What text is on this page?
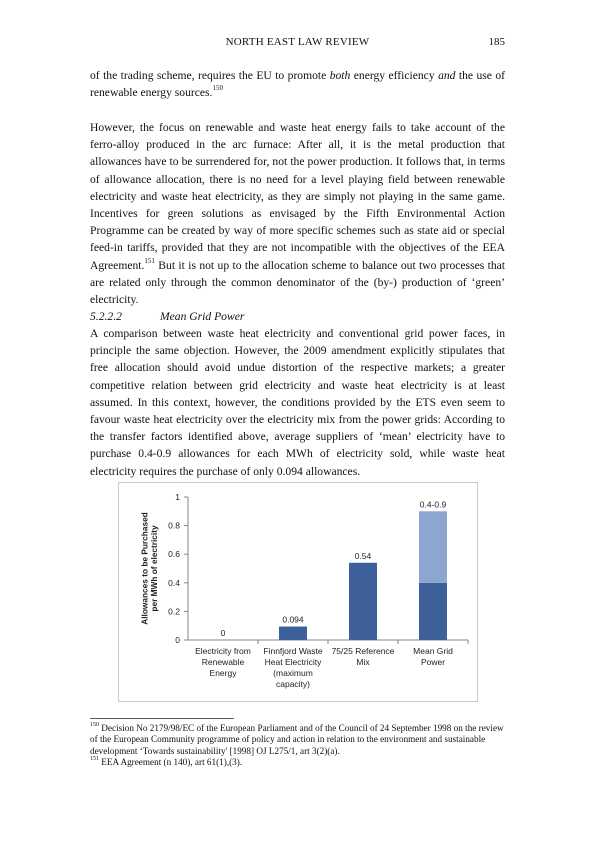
NORTH EAST LAW REVIEW	185

of the trading scheme, requires the EU to promote both energy efficiency and the use of renewable energy sources.$^{150}$

However, the focus on renewable and waste heat energy fails to take account of the ferro-alloy produced in the arc furnace: After all, it is the metal production that allowances have to be surrendered for, not the power production. It follows that, in terms of allowance allocation, there is no need for a level playing field between renewable electricity and waste heat electricity, as they are simply not playing in the same game. Incentives for green solutions as envisaged by the Fifth Environmental Action Programme can be created by way of more specific schemes such as state aid or special feed-in tariffs, provided that they are not incompatible with the objectives of the EEA Agreement.$^{151}$ But it is not up to the allocation scheme to balance out two processes that are related only through the common denominator of the (by-) production of ‘green’ electricity.

5.2.2.2	Mean Grid Power

A comparison between waste heat electricity and conventional grid power faces, in principle the same objection. However, the 2009 amendment explicitly stipulates that free allocation should avoid undue distortion of the respective markets; a greater competitive relation between grid electricity and waste heat electricity is at least assumed. In this context, however, the conditions provided by the ETS even seem to favour waste heat electricity over the electricity mix from the power grids: According to the transfer factors identified above, average suppliers of ‘mean’ electricity have to purchase 0.4-0.9 allowances for each MWh of electricity sold, while waste heat electricity requires the purchase of only 0.094 allowances.

0
0.2
0.4
0.6
0.8
1
Allowances to be Purchasedper MWh of electricity
0
Electricity from
Renewable
Energy
0.094
Finnfjord Waste
Heat Electricity
(maximum
capacity)
0.54
75/25 Reference
Mix
0.4-0.9
Mean Grid
Power

$^{150}$ Decision No 2179/98/EC of the European Parliament and of the Council of 24 September 1998 on the review of the European Community programme of policy and action in relation to the environment and sustainable development ‘Towards sustainability' [1998] OJ L275/1, art 3(2)(a).

$^{151}$ EEA Agreement (n 140), art 61(1),(3).
